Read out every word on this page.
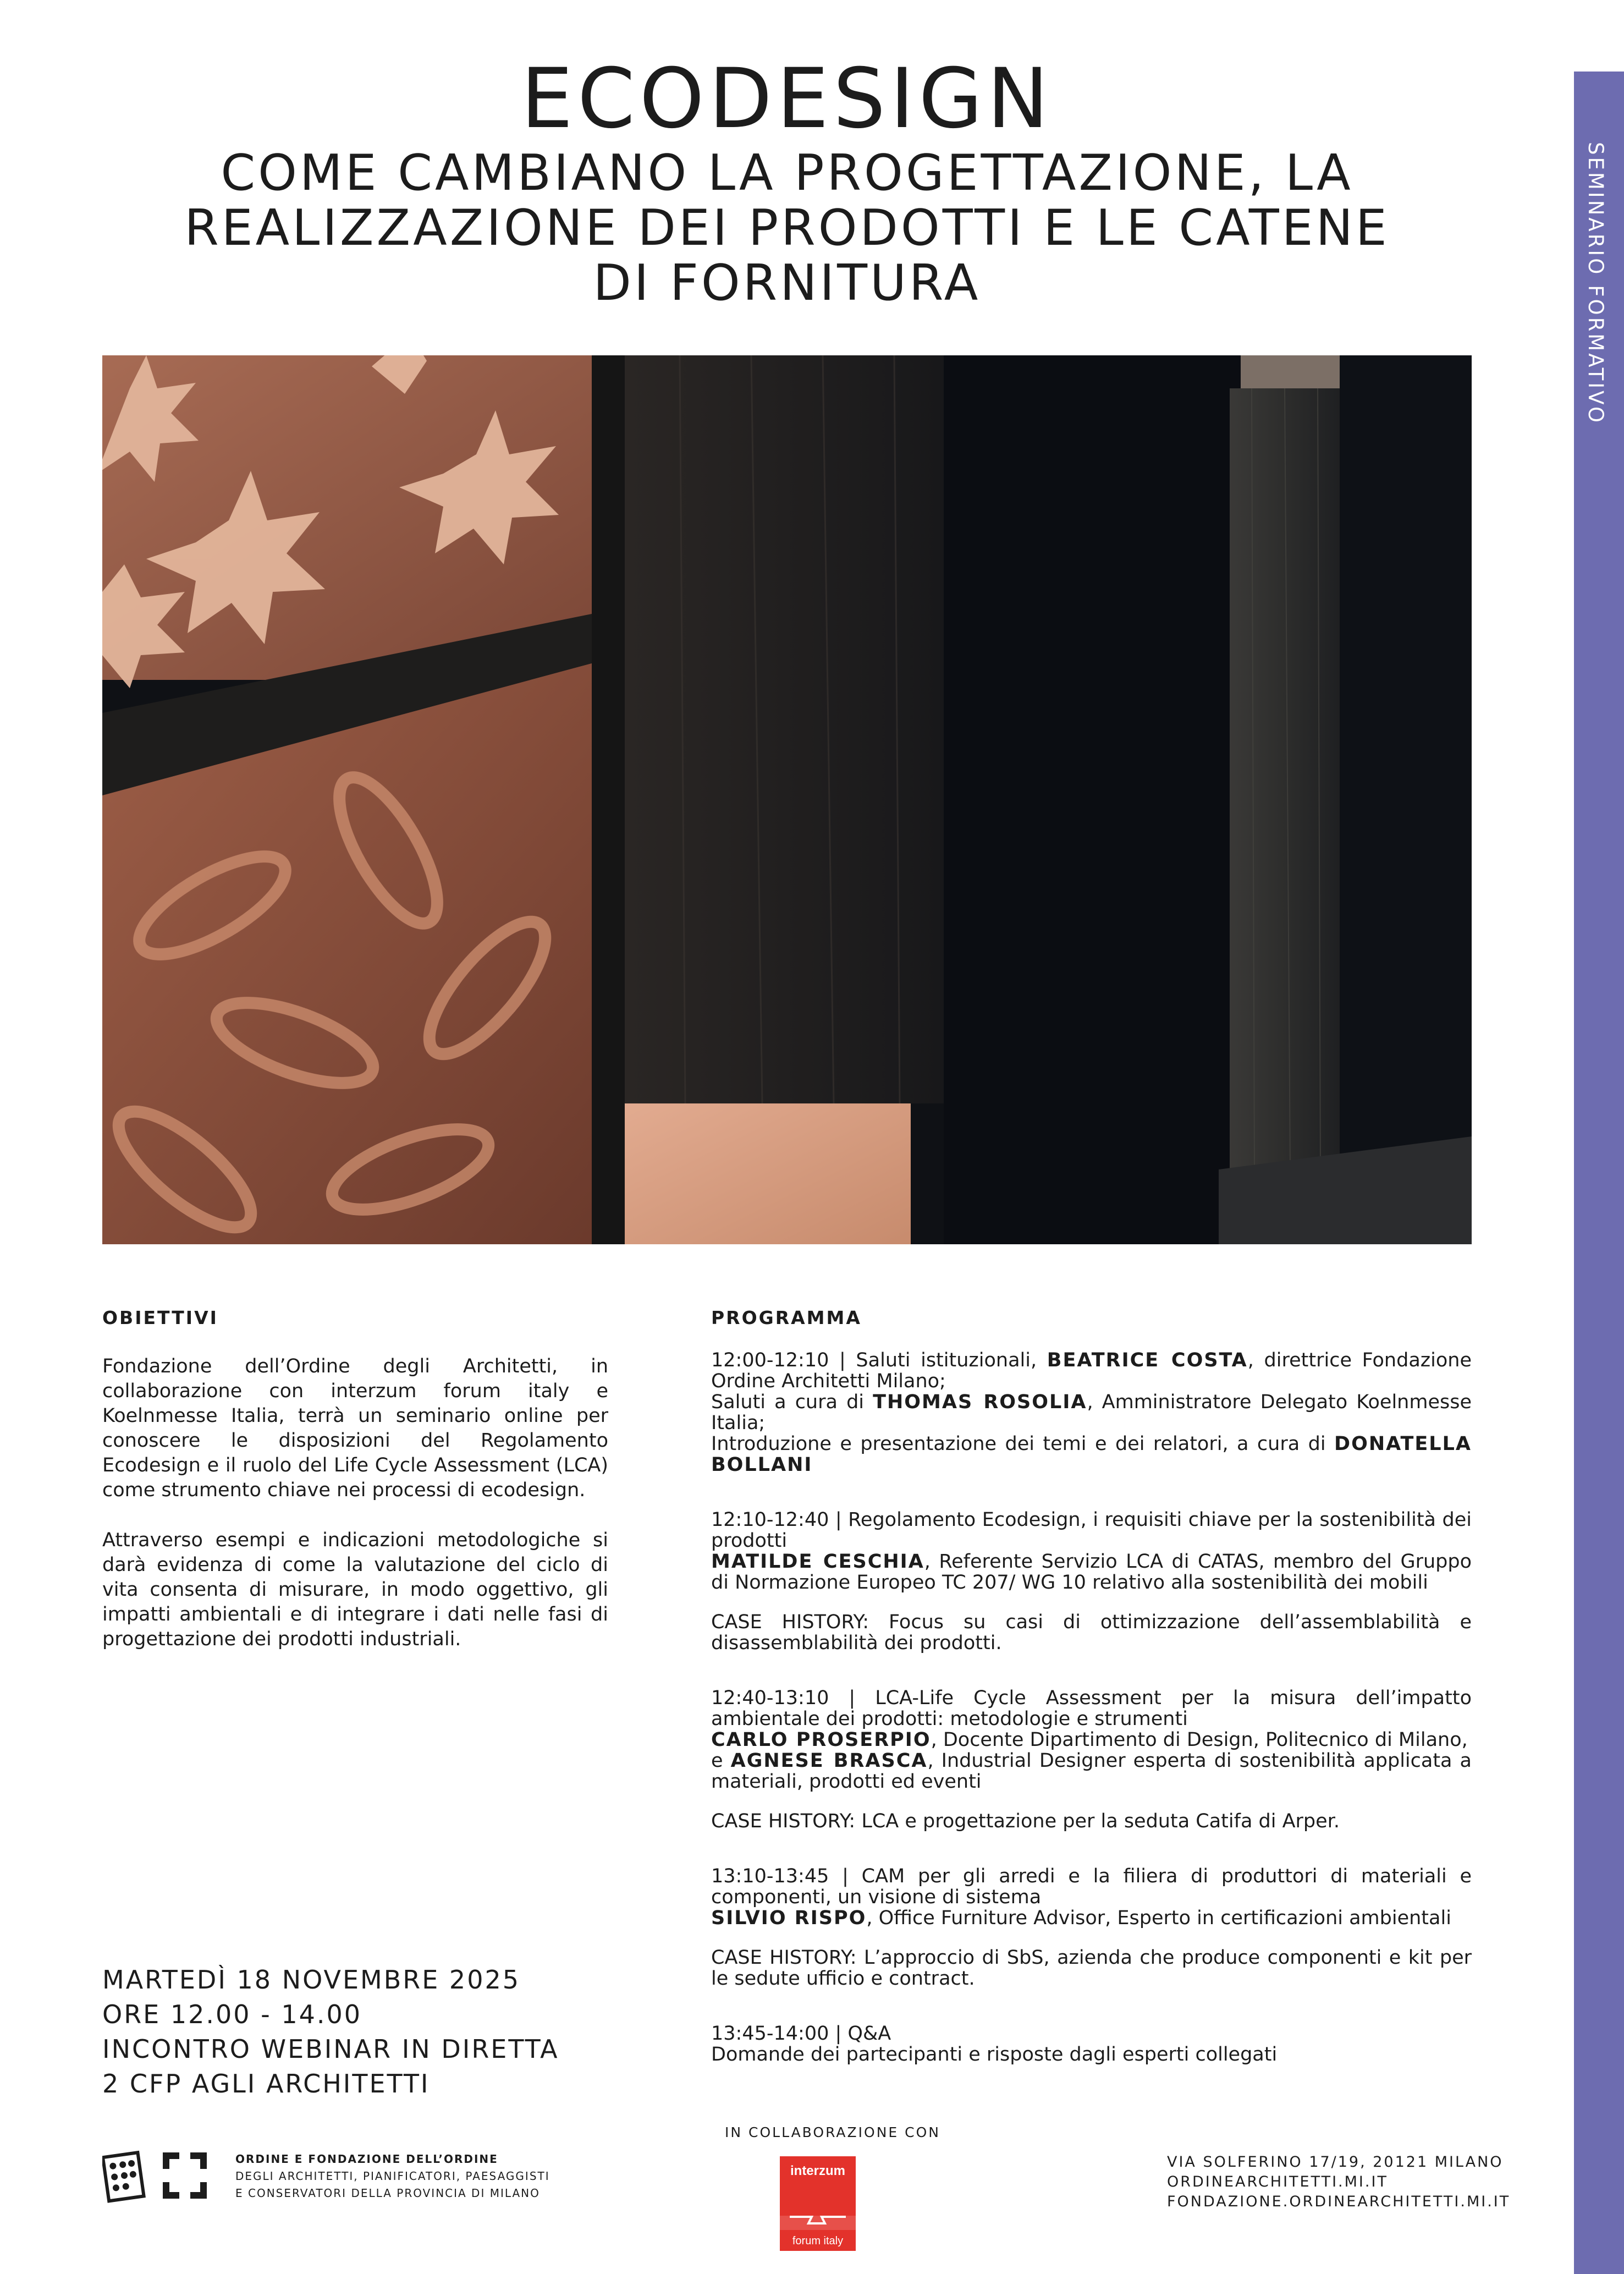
SEMINARIO FORMATIVO
ECODESIGN
COME CAMBIANO LA PROGETTAZIONE, LA
REALIZZAZIONE DEI PRODOTTI E LE CATENE
DI FORNITURA
OBIETTIVI

Fondazione dell’Ordine degli Architetti, in collaborazione con interzum forum italy e Koelnmesse Italia, terrà un seminario online per conoscere le disposizioni del Regolamento Ecodesign e il ruolo del Life Cycle Assessment (LCA) come strumento chiave nei processi di ecodesign.

Attraverso esempi e indicazioni metodologiche si darà evidenza di come la valutazione del ciclo di vita consenta di misurare, in modo oggettivo, gli impatti ambientali e di integrare i dati nelle fasi di progettazione dei prodotti industriali.

PROGRAMMA

12:00-12:10 | Saluti istituzionali, BEATRICE COSTA, direttrice Fondazione Ordine Architetti Milano;

Saluti a cura di THOMAS ROSOLIA, Amministratore Delegato Koelnmesse Italia;

Introduzione e presentazione dei temi e dei relatori, a cura di DONATELLA BOLLANI

12:10-12:40 | Regolamento Ecodesign, i requisiti chiave per la sostenibilità dei prodotti

MATILDE CESCHIA, Referente Servizio LCA di CATAS, membro del Gruppo di Normazione Europeo TC 207/ WG 10 relativo alla sostenibilità dei mobili

CASE HISTORY: Focus su casi di ottimizzazione dell’assemblabilità e disassemblabilità dei prodotti.

12:40-13:10 | LCA-Life Cycle Assessment per la misura dell’impatto ambientale dei prodotti: metodologie e strumenti

CARLO PROSERPIO, Docente Dipartimento di Design, Politecnico di Milano,

e AGNESE BRASCA, Industrial Designer esperta di sostenibilità applicata a materiali, prodotti ed eventi

CASE HISTORY: LCA e progettazione per la seduta Catifa di Arper.

13:10-13:45 | CAM per gli arredi e la filiera di produttori di materiali e componenti, un visione di sistema

SILVIO RISPO, Office Furniture Advisor, Esperto in certificazioni ambientali

CASE HISTORY: L’approccio di SbS, azienda che produce componenti e kit per le sedute ufficio e contract.

13:45-14:00 | Q&A

Domande dei partecipanti e risposte dagli esperti collegati

MARTEDÌ 18 NOVEMBRE 2025
ORE 12.00 - 14.00
INCONTRO WEBINAR IN DIRETTA
2 CFP AGLI ARCHITETTI
ORDINE E FONDAZIONE DELL’ORDINE
DEGLI ARCHITETTI, PIANIFICATORI, PAESAGGISTI
E CONSERVATORI DELLA PROVINCIA DI MILANO
IN COLLABORAZIONE CON
interzum
forum italy
VIA SOLFERINO 17/19, 20121 MILANO
ORDINEARCHITETTI.MI.IT
FONDAZIONE.ORDINEARCHITETTI.MI.IT
